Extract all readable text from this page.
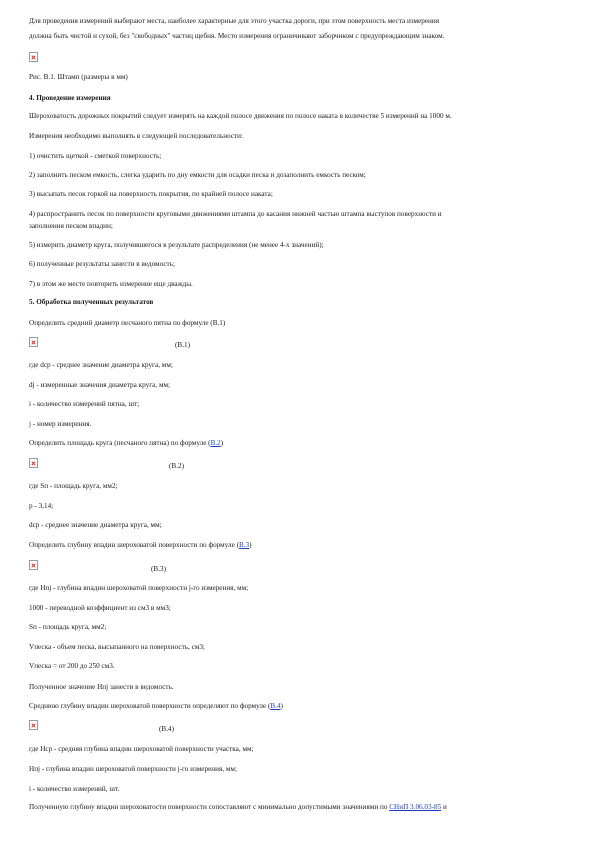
Для проведения измерений выбирают места, наиболее характерные для этого участка дороги, при этом поверхность места измерения
должна быть чистой и сухой, без "свободных" частиц щебня. Место измерения ограничивают заборчиком с предупреждающим знаком.
Рис. В.1. Штамп (размеры в мм)
4. Проведение измерения
Шероховатость дорожных покрытий следует измерять на каждой полосе движения по полосе наката в количестве 5 измерений на 1000 м.
Измерения необходимо выполнять в следующей последовательности:
1) очистить щеткой - сметкой поверхность;
2) заполнить песком емкость, слегка ударить по дну емкости для осадки песка и дозаполнить емкость песком;
3) высыпать песок горкой на поверхность покрытия, по крайней полосе наката;
4) распространить песок по поверхности круговыми движениями штампа до касания нижней частью штампа выступов поверхности и
заполнения песком впадин;
5) измерить диаметр круга, получившегося в результате распределения (не менее 4-х значений);
6) полученные результаты занести в ведомость;
7) в этом же месте повторить измерение еще дважды.
5. Обработка полученных результатов
Определить средний диаметр песчаного пятна по формуле (В.1)
(В.1)
где dср - среднее значение диаметра круга, мм;
dj - измеренные значения диаметра круга, мм;
i - количество измерений пятна, шт;
j - номер измерения.
Определить площадь круга (песчаного пятна) по формуле (В.2)
(В.2)
где Sп - площадь круга, мм2;
р - 3,14;
dср - среднее значение диаметра круга, мм;
Определить глубину впадин шероховатой поверхности по формуле (В.3)
(В.3)
где Hпj - глубина впадин шероховатой поверхности j-го измерения, мм;
1000 - переводной коэффициент из см3 в мм3;
Sп - площадь круга, мм2;
Vпеска - объем песка, высыпанного на поверхность, см3;
Vпеска = от 200 до 250 см3.
Полученное значение Hпj занести в ведомость.
Среднюю глубину впадин шероховатой поверхности определяют по формуле (В.4)
(В.4)
где Hср - средняя глубина впадин шероховатой поверхности участка, мм;
Hпj - глубина впадин шероховатой поверхности j-го измерения, мм;
i - количество измерений, шт.
Полученную глубину впадин шероховатости поверхности сопоставляют с минимально допустимыми значениями по СНиП 3.06.03-85 и
